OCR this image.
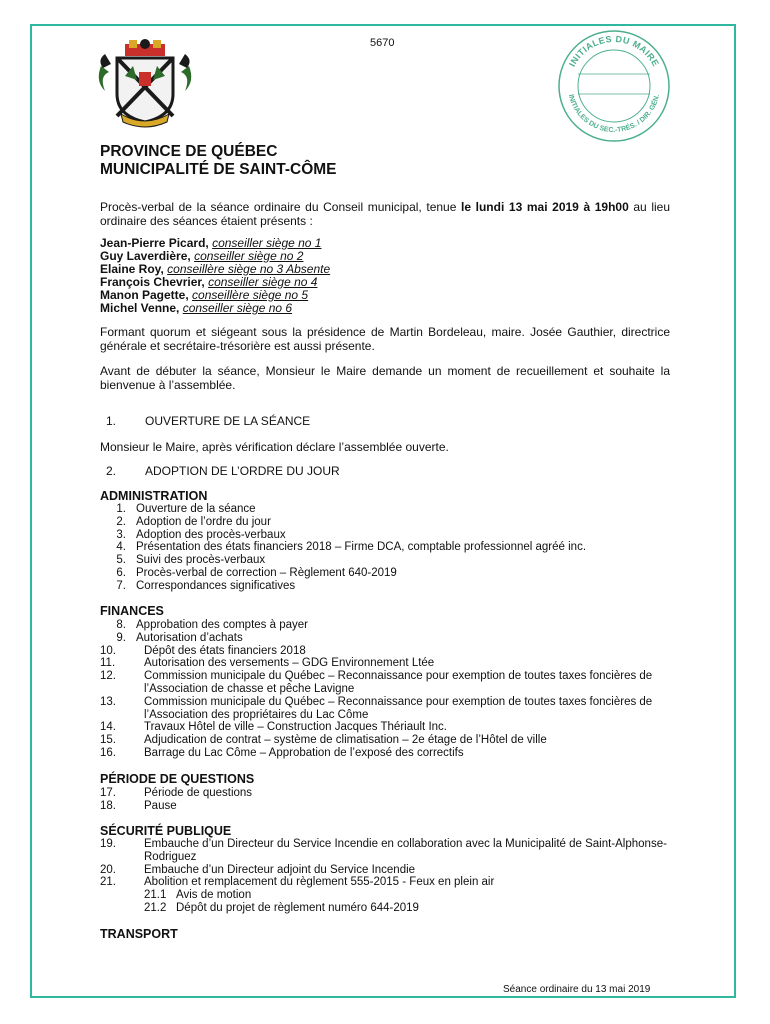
5670
INITIALES DU MAIRE
INITIALES DU SEC.-TRÉS. / DIR. GÉN.
PROVINCE DE QUÉBEC
MUNICIPALITÉ DE SAINT-CÔME

Procès-verbal de la séance ordinaire du Conseil municipal, tenue le lundi 13 mai 2019 à 19h00 au lieu ordinaire des séances étaient présents :

Jean-Pierre Picard, conseiller siège no 1
Guy Laverdière, conseiller siège no 2
Elaine Roy, conseillère siège no 3 Absente
François Chevrier, conseiller siège no 4
Manon Pagette, conseillère siège no 5
Michel Venne, conseiller siège no 6

Formant quorum et siégeant sous la présidence de Martin Bordeleau, maire. Josée Gauthier, directrice générale et secrétaire-trésorière est aussi présente.

Avant de débuter la séance, Monsieur le Maire demande un moment de recueillement et souhaite la bienvenue à l’assemblée.

1. OUVERTURE DE LA SÉANCE
Monsieur le Maire, après vérification déclare l’assemblée ouverte.
2. ADOPTION DE L’ORDRE DU JOUR
ADMINISTRATION
1. Ouverture de la séance
2. Adoption de l’ordre du jour
3. Adoption des procès-verbaux
4. Présentation des états financiers 2018 – Firme DCA, comptable professionnel agréé inc.
5. Suivi des procès-verbaux
6. Procès-verbal de correction – Règlement 640-2019
7. Correspondances significatives
FINANCES
8. Approbation des comptes à payer
9. Autorisation d’achats
10.	Dépôt des états financiers 2018
11.	Autorisation des versements – GDG Environnement Ltée
12.	Commission municipale du Québec – Reconnaissance pour exemption de toutes taxes foncières de l’Association de chasse et pêche Lavigne
13.	Commission municipale du Québec – Reconnaissance pour exemption de toutes taxes foncières de l’Association des propriétaires du Lac Côme
14.	Travaux Hôtel de ville – Construction Jacques Thériault Inc.
15.	Adjudication de contrat – système de climatisation – 2e étage de l’Hôtel de ville
16.	Barrage du Lac Côme – Approbation de l’exposé des correctifs
PÉRIODE DE QUESTIONS
17.	Période de questions
18.	Pause
SÉCURITÉ PUBLIQUE
19.	Embauche d’un Directeur du Service Incendie en collaboration avec la Municipalité de Saint-Alphonse-Rodriguez
20.	Embauche d’un Directeur adjoint du Service Incendie
21.	Abolition et remplacement du règlement 555-2015 - Feux en plein air
21.1 Avis de motion
21.2 Dépôt du projet de règlement numéro 644-2019
TRANSPORT
Séance ordinaire du 13 mai 2019
